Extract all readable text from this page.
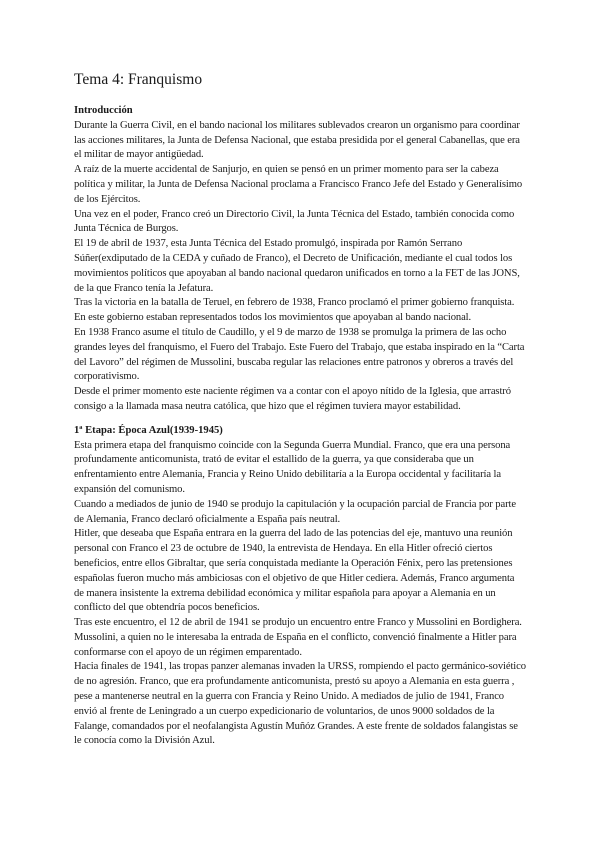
Tema 4: Franquismo

Introducción

Durante la Guerra Civil, en el bando nacional los militares sublevados crearon un organismo para coordinar las acciones militares, la Junta de Defensa Nacional, que estaba presidida por el general Cabanellas, que era el militar de mayor antigüedad.

A raíz de la muerte accidental de Sanjurjo, en quien se pensó en un primer momento para ser la cabeza política y militar, la Junta de Defensa Nacional proclama a Francisco Franco Jefe del Estado y Generalísimo de los Ejércitos.

Una vez en el poder, Franco creó un Directorio Civil, la Junta Técnica del Estado, también conocida como Junta Técnica de Burgos.

El 19 de abril de 1937, esta Junta Técnica del Estado promulgó, inspirada por Ramón Serrano Súñer(exdiputado de la CEDA y cuñado de Franco), el Decreto de Unificación, mediante el cual todos los movimientos políticos que apoyaban al bando nacional quedaron unificados en torno a la FET de las JONS, de la que Franco tenía la Jefatura.

Tras la victoria en la batalla de Teruel, en febrero de 1938, Franco proclamó el primer gobierno franquista. En este gobierno estaban representados todos los movimientos que apoyaban al bando nacional.

En 1938 Franco asume el título de Caudillo, y el 9 de marzo de 1938 se promulga la primera de las ocho grandes leyes del franquismo, el Fuero del Trabajo. Este Fuero del Trabajo, que estaba inspirado en la “Carta del Lavoro” del régimen de Mussolini, buscaba regular las relaciones entre patronos y obreros a través del corporativismo.

Desde el primer momento este naciente régimen va a contar con el apoyo nítido de la Iglesia, que arrastró consigo a la llamada masa neutra católica, que hizo que el régimen tuviera mayor estabilidad.

1ª Etapa: Época Azul(1939-1945)

Esta primera etapa del franquismo coincide con la Segunda Guerra Mundial. Franco, que era una persona profundamente anticomunista, trató de evitar el estallido de la guerra, ya que consideraba que un enfrentamiento entre Alemania, Francia y Reino Unido debilitaría a la Europa occidental y facilitaría la expansión del comunismo.

Cuando a mediados de junio de 1940 se produjo la capitulación y la ocupación parcial de Francia por parte de Alemania, Franco declaró oficialmente a España país neutral.

Hitler, que deseaba que España entrara en la guerra del lado de las potencias del eje, mantuvo una reunión personal con Franco el 23 de octubre de 1940, la entrevista de Hendaya. En ella Hitler ofreció ciertos beneficios, entre ellos Gibraltar, que sería conquistada mediante la Operación Fénix, pero las pretensiones españolas fueron mucho más ambiciosas con el objetivo de que Hitler cediera. Además, Franco argumenta de manera insistente la extrema debilidad económica y militar española para apoyar a Alemania en un conflicto del que obtendría pocos beneficios.

Tras este encuentro, el 12 de abril de 1941 se produjo un encuentro entre Franco y Mussolini en Bordighera. Mussolini, a quien no le interesaba la entrada de España en el conflicto, convenció finalmente a Hitler para conformarse con el apoyo de un régimen emparentado.

Hacia finales de 1941, las tropas panzer alemanas invaden la URSS, rompiendo el pacto germánico-soviético de no agresión. Franco, que era profundamente anticomunista, prestó su apoyo a Alemania en esta guerra , pese a mantenerse neutral en la guerra con Francia y Reino Unido. A mediados de julio de 1941, Franco envió al frente de Leningrado a un cuerpo expedicionario de voluntarios, de unos 9000 soldados de la Falange, comandados por el neofalangista Agustín Muñóz Grandes. A este frente de soldados falangistas se le conocía como la División Azul.
